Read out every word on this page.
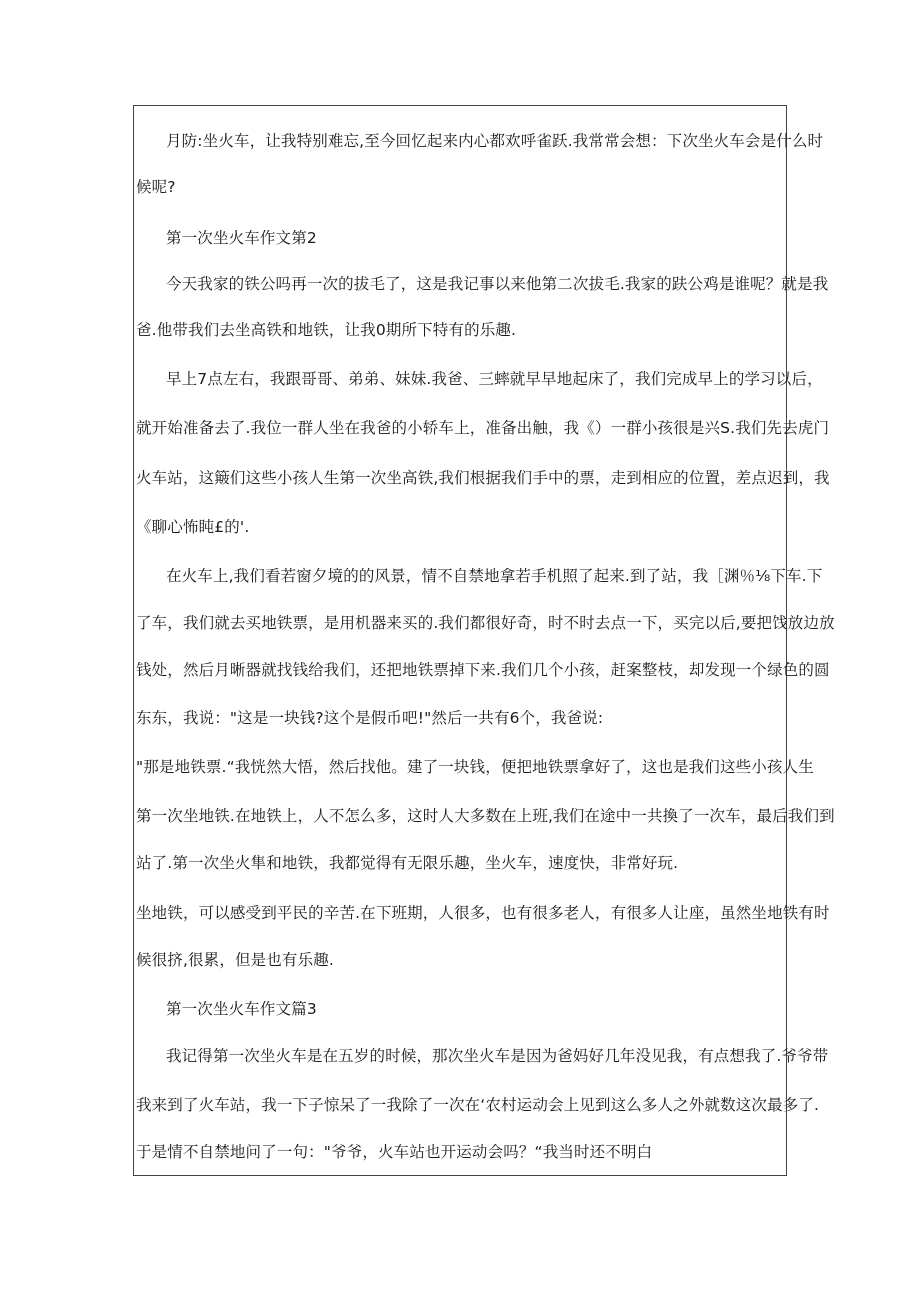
月防:坐火车，让我特别难忘,至今回忆起来内心都欢呼雀跃.我常常会想：下次坐火车会是什么时
候呢?
第一次坐火车作文第2
今天我家的铁公吗再一次的拔毛了，这是我记事以来他第二次拔毛.我家的趺公鸡是谁呢？就是我
爸.他带我们去坐高铁和地铁，让我0期所下特有的乐趣.
早上7点左右，我跟哥哥、弟弟、妹妹.我爸、三蟀就早早地起床了，我们完成早上的学习以后，
就开始准备去了.我位一群人坐在我爸的小轿车上，准备出触，我《）一群小孩很是兴S.我们先去虎门
火车站，这簸们这些小孩人生第一次坐高铁,我们根据我们手中的票，走到相应的位置，差点迟到，我
《聊心怖盹£的'.
在火车上,我们看若窗夕境的的风景，情不自禁地拿若手机照了起来.到了站，我［渊％⅛下车.下
了车，我们就去买地铁票，是用机器来买的.我们都很好奇，时不时去点一下，买完以后,要把饯放边放
钱处，然后月晰器就找钱给我们，还把地铁票掉下来.我们几个小孩，赶案整枝，却发现一个绿色的圆
东东，我说："这是一块钱?这个是假币吧!"然后一共有6个，我爸说:
"那是地铁票.“我恍然大悟，然后找他。建了一块钱，便把地铁票拿好了，这也是我们这些小孩人生
第一次坐地铁.在地铁上，人不怎么多，这时人大多数在上班,我们在途中一共換了一次车，最后我们到
站了.第一次坐火隼和地铁，我都觉得有无限乐趣，坐火车，速度快，非常好玩.
坐地铁，可以感受到平民的辛苦.在下班期，人很多，也有很多老人，有很多人让座，虽然坐地铁有时
候很挤,很累，但是也有乐趣.
第一次坐火车作文篇3
我记得第一次坐火车是在五岁的时候，那次坐火车是因为爸妈好几年没见我，有点想我了.爷爷带
我来到了火车站，我一下子惊呆了一我除了一次在‘农村运动会上见到这么多人之外就数这次最多了.
于是情不自禁地问了一句："爷爷，火车站也开运动会吗？“我当时还不明白
